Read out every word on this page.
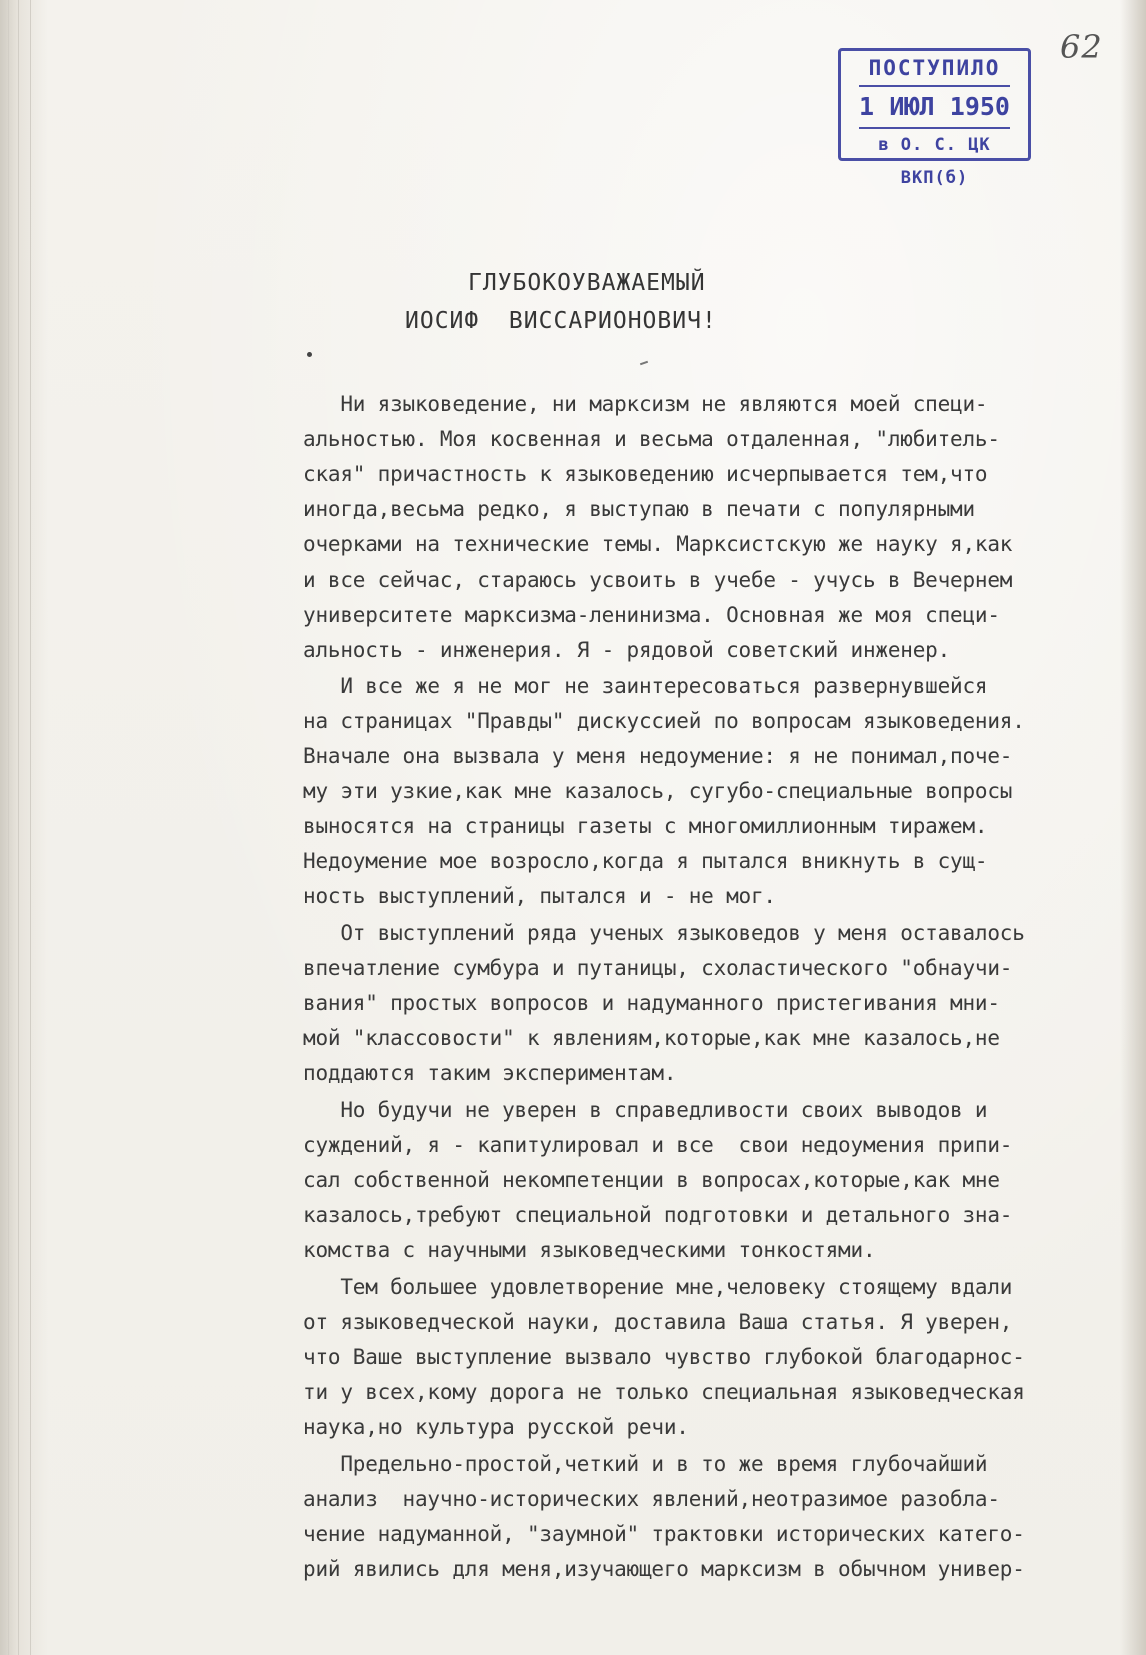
62
ПОСТУПИЛО
1 ИЮЛ 1950
в О. С. ЦК ВКП(б)
ГЛУБОКОУВАЖАЕМЫЙ
ИОСИФ  ВИССАРИОНОВИЧ!
Ни языковедение, ни марксизм не являются моей специ-
альностью. Моя косвенная и весьма отдаленная, "любитель-
ская" причастность к языковедению исчерпывается тем,что
иногда,весьма редко, я выступаю в печати с популярными
очерками на технические темы. Марксистскую же науку я,как
и все сейчас, стараюсь усвоить в учебе - учусь в Вечернем
университете марксизма-ленинизма. Основная же моя специ-
альность - инженерия. Я - рядовой советский инженер.
И все же я не мог не заинтересоваться развернувшейся
на страницах "Правды" дискуссией по вопросам языковедения.
Вначале она вызвала у меня недоумение: я не понимал,поче-
му эти узкие,как мне казалось, сугубо-специальные вопросы
выносятся на страницы газеты с многомиллионным тиражем.
Недоумение мое возросло,когда я пытался вникнуть в сущ-
ность выступлений, пытался и - не мог.
От выступлений ряда ученых языковедов у меня оставалось
впечатление сумбура и путаницы, схоластического "обнаучи-
вания" простых вопросов и надуманного пристегивания мни-
мой "классовости" к явлениям,которые,как мне казалось,не
поддаются таким экспериментам.
Но будучи не уверен в справедливости своих выводов и
суждений, я - капитулировал и все  свои недоумения припи-
сал собственной некомпетенции в вопросах,которые,как мне
казалось,требуют специальной подготовки и детального зна-
комства с научными языковедческими тонкостями.
Тем большее удовлетворение мне,человеку стоящему вдали
от языковедческой науки, доставила Ваша статья. Я уверен,
что Ваше выступление вызвало чувство глубокой благодарнос-
ти у всех,кому дорога не только специальная языковедческая
наука,но культура русской речи.
Предельно-простой,четкий и в то же время глубочайший
анализ  научно-исторических явлений,неотразимое разобла-
чение надуманной, "заумной" трактовки исторических катего-
рий явились для меня,изучающего марксизм в обычном универ-
